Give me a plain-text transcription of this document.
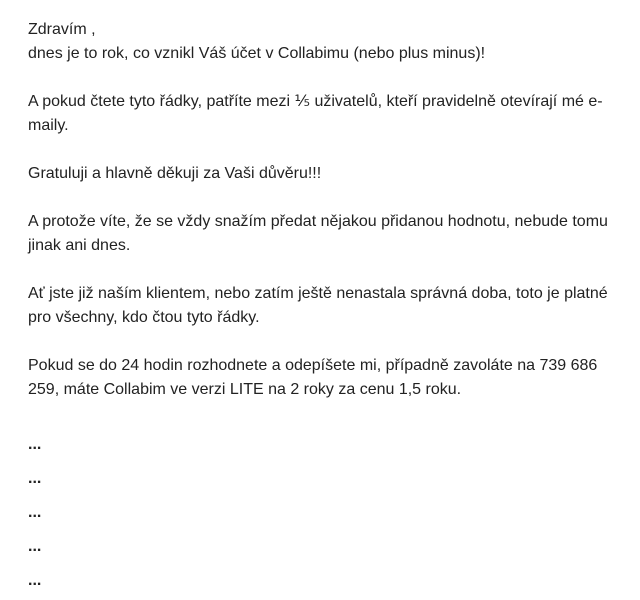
Zdravím ,
dnes je to rok, co vznikl Váš účet v Collabimu (nebo plus minus)!

A pokud čtete tyto řádky, patříte mezi ⅕ uživatelů, kteří pravidelně otevírají mé e-maily.

Gratuluji a hlavně děkuji za Vaši důvěru!!!

A protože víte, že se vždy snažím předat nějakou přidanou hodnotu, nebude tomu jinak ani dnes.

Ať jste již naším klientem, nebo zatím ještě nenastala správná doba, toto je platné pro všechny, kdo čtou tyto řádky.

Pokud se do 24 hodin rozhodnete a odepíšete mi, případně zavoláte na 739 686 259, máte Collabim ve verzi LITE na 2 roky za cenu 1,5 roku.

...
...
...
...
...
